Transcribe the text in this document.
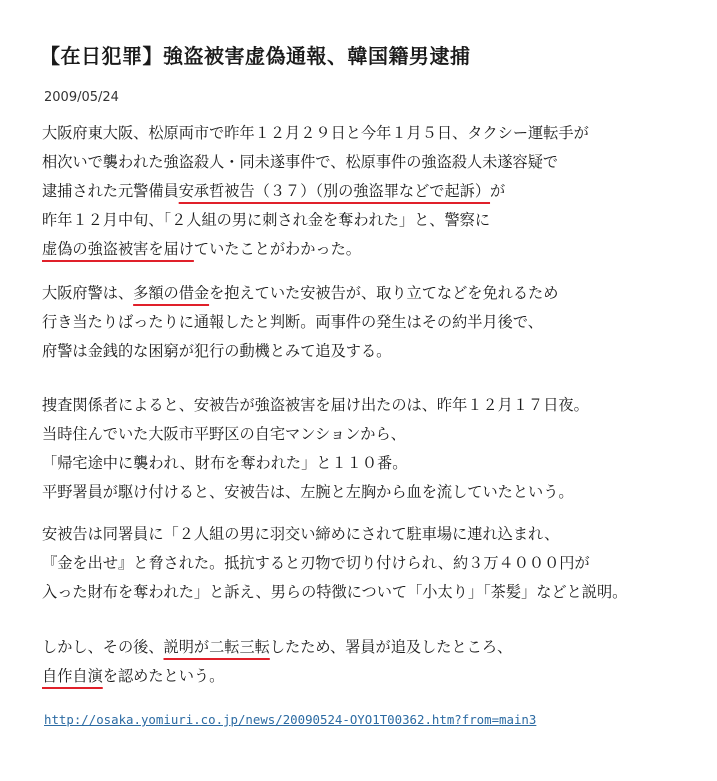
【在日犯罪】強盗被害虚偽通報、韓国籍男逮捕
2009/05/24
大阪府東大阪、松原両市で昨年１２月２９日と今年１月５日、タクシー運転手が
相次いで襲われた強盗殺人・同未遂事件で、松原事件の強盗殺人未遂容疑で
逮捕された元警備員安承哲被告（３７）（別の強盗罪などで起訴）が
昨年１２月中旬、「２人組の男に刺され金を奪われた」と、警察に
虚偽の強盗被害を届けていたことがわかった。
大阪府警は、多額の借金を抱えていた安被告が、取り立てなどを免れるため
行き当たりばったりに通報したと判断。両事件の発生はその約半月後で、
府警は金銭的な困窮が犯行の動機とみて追及する。
捜査関係者によると、安被告が強盗被害を届け出たのは、昨年１２月１７日夜。
当時住んでいた大阪市平野区の自宅マンションから、
「帰宅途中に襲われ、財布を奪われた」と１１０番。
平野署員が駆け付けると、安被告は、左腕と左胸から血を流していたという。
安被告は同署員に「２人組の男に羽交い締めにされて駐車場に連れ込まれ、
『金を出せ』と脅された。抵抗すると刃物で切り付けられ、約３万４０００円が
入った財布を奪われた」と訴え、男らの特徴について「小太り」「茶髪」などと説明。
しかし、その後、説明が二転三転したため、署員が追及したところ、
自作自演を認めたという。
http://osaka.yomiuri.co.jp/news/20090524-OYO1T00362.htm?from=main3
